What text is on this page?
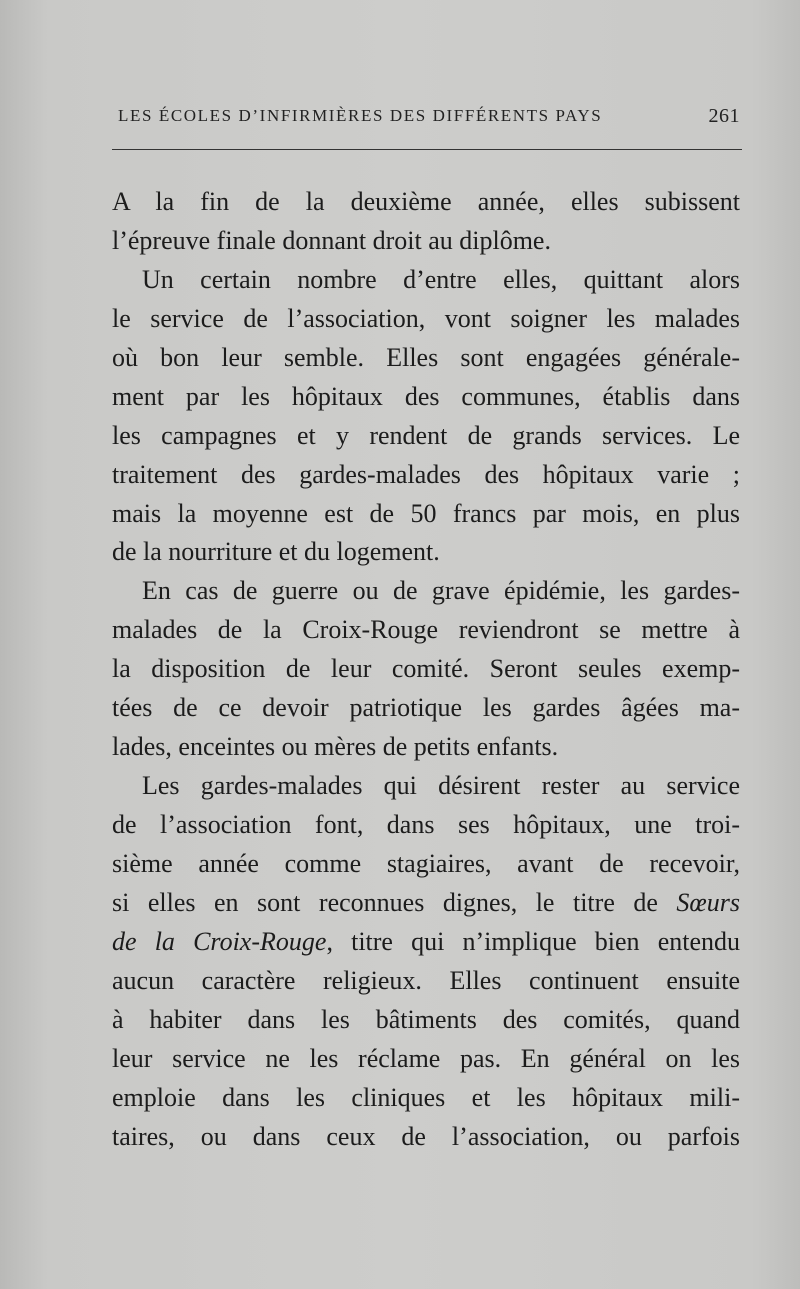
LES ÉCOLES D’INFIRMIÈRES DES DIFFÉRENTS PAYS	261
A la fin de la deuxième année, elles subissent
l’épreuve finale donnant droit au diplôme.
Un certain nombre d’entre elles, quittant alors
le service de l’association, vont soigner les malades
où bon leur semble. Elles sont engagées générale-
ment par les hôpitaux des communes, établis dans
les campagnes et y rendent de grands services. Le
traitement des gardes-malades des hôpitaux varie ;
mais la moyenne est de 50 francs par mois, en plus
de la nourriture et du logement.
En cas de guerre ou de grave épidémie, les gardes-
malades de la Croix-Rouge reviendront se mettre à
la disposition de leur comité. Seront seules exemp-
tées de ce devoir patriotique les gardes âgées ma-
lades, enceintes ou mères de petits enfants.
Les gardes-malades qui désirent rester au service
de l’association font, dans ses hôpitaux, une troi-
sième année comme stagiaires, avant de recevoir,
si elles en sont reconnues dignes, le titre de Sœurs
de la Croix-Rouge, titre qui n’implique bien entendu
aucun caractère religieux. Elles continuent ensuite
à habiter dans les bâtiments des comités, quand
leur service ne les réclame pas. En général on les
emploie dans les cliniques et les hôpitaux mili-
taires, ou dans ceux de l’association, ou parfois
